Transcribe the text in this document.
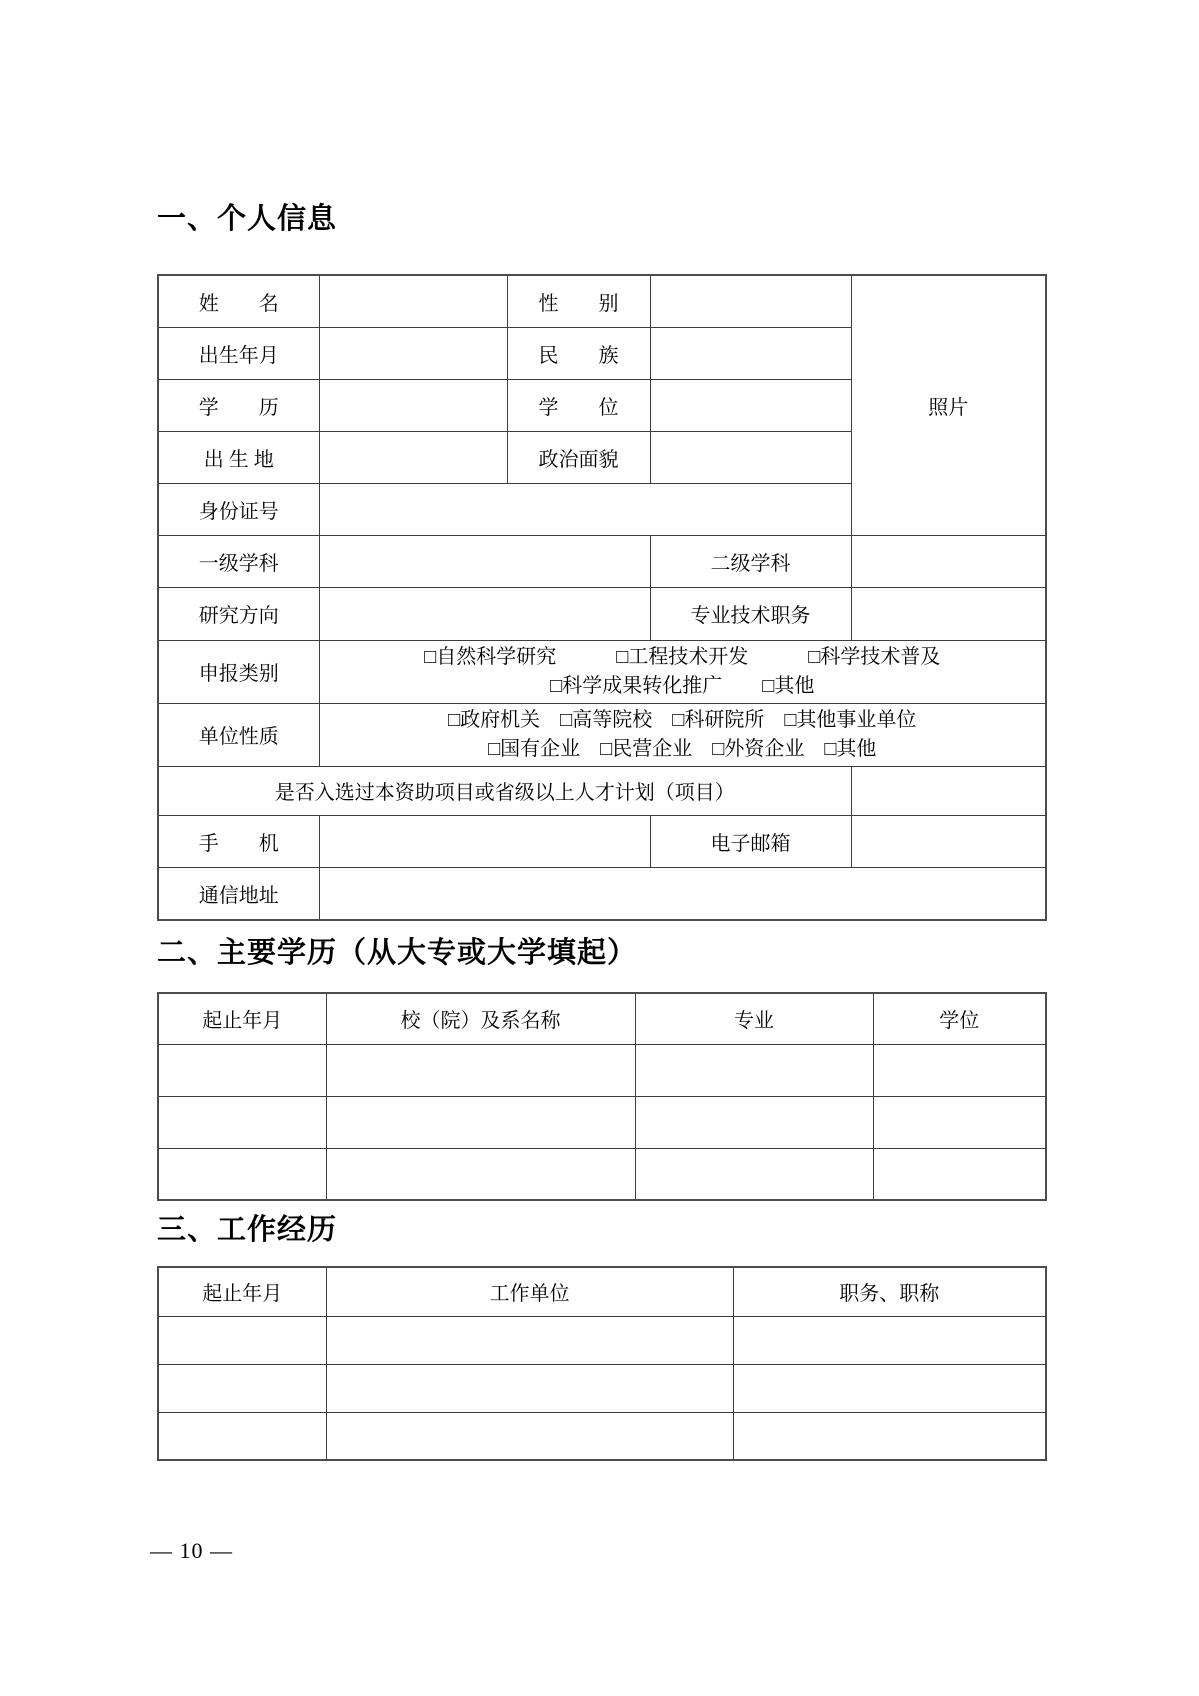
一、个人信息
姓　　名		性　　别		照片
出生年月		民　　族		
学　　历		学　　位		
出 生 地		政治面貌		
身份证号				
一级学科			二级学科	
研究方向			专业技术职务	
申报类别	□自然科学研究　　　□工程技术开发　　　□科学技术普及
□科学成果转化推广　　□其他			

单位性质	□政府机关　□高等院校　□科研院所　□其他事业单位
□国有企业　□民营企业　□外资企业　□其他			

是否入选过本资助项目或省级以上人才计划（项目）				
手　　机			电子邮箱	
通信地址				
二、主要学历（从大专或大学填起）
起止年月	校（院）及系名称	专业	学位

三、工作经历
起止年月	工作单位	职务、职称

— 10 —
